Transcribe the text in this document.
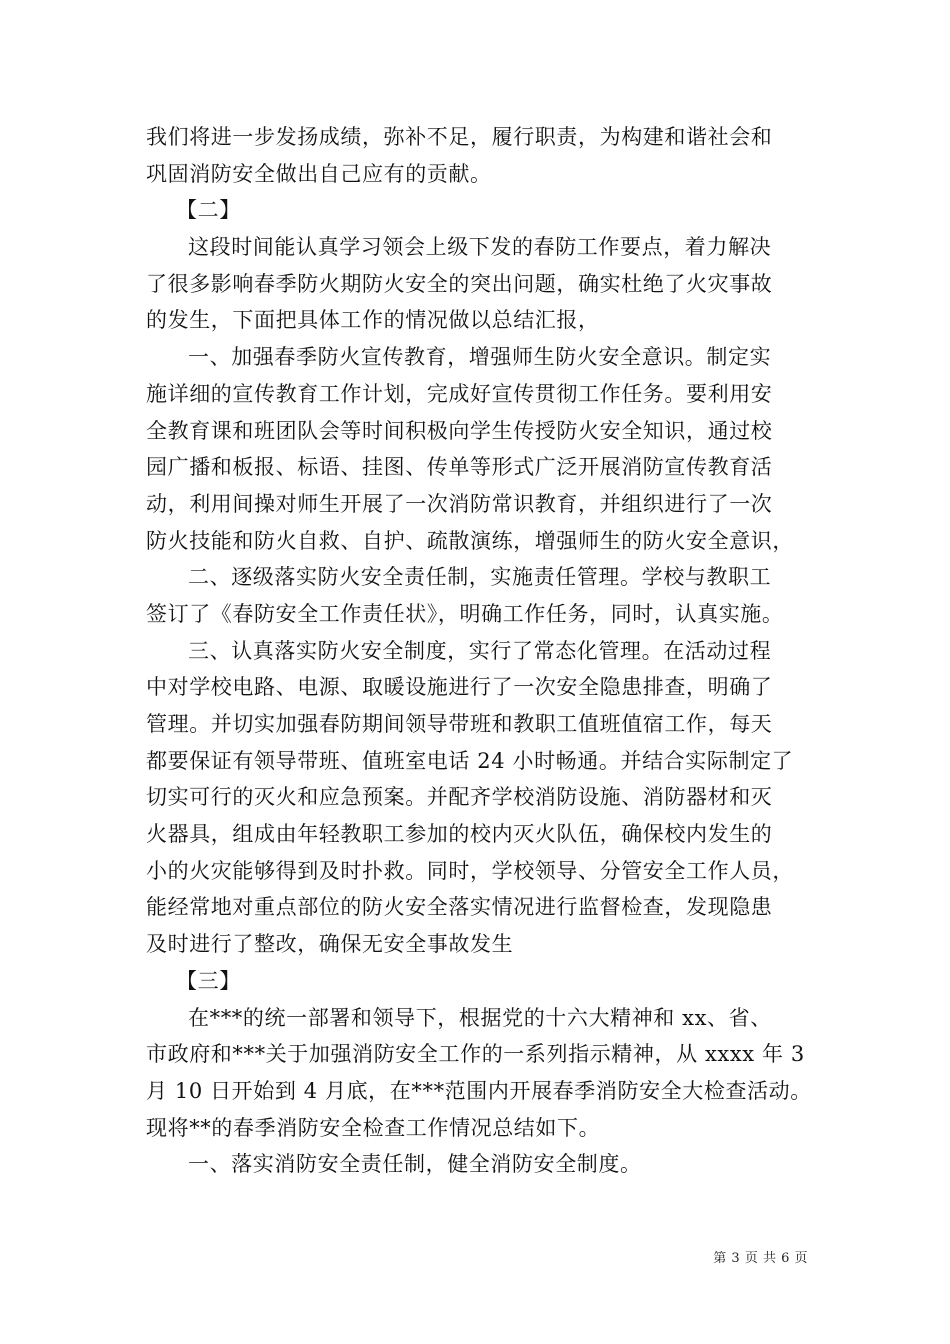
我们将进一步发扬成绩，弥补不足，履行职责，为构建和谐社会和
巩固消防安全做出自己应有的贡献。
【二】
这段时间能认真学习领会上级下发的春防工作要点，着力解决
了很多影响春季防火期防火安全的突出问题，确实杜绝了火灾事故
的发生，下面把具体工作的情况做以总结汇报，
一、加强春季防火宣传教育，增强师生防火安全意识。制定实
施详细的宣传教育工作计划，完成好宣传贯彻工作任务。要利用安
全教育课和班团队会等时间积极向学生传授防火安全知识，通过校
园广播和板报、标语、挂图、传单等形式广泛开展消防宣传教育活
动，利用间操对师生开展了一次消防常识教育，并组织进行了一次
防火技能和防火自救、自护、疏散演练，增强师生的防火安全意识，
二、逐级落实防火安全责任制，实施责任管理。学校与教职工
签订了《春防安全工作责任状》，明确工作任务，同时，认真实施。
三、认真落实防火安全制度，实行了常态化管理。在活动过程
中对学校电路、电源、取暖设施进行了一次安全隐患排查，明确了
管理。并切实加强春防期间领导带班和教职工值班值宿工作，每天
都要保证有领导带班、值班室电话 24 小时畅通。并结合实际制定了
切实可行的灭火和应急预案。并配齐学校消防设施、消防器材和灭
火器具，组成由年轻教职工参加的校内灭火队伍，确保校内发生的
小的火灾能够得到及时扑救。同时，学校领导、分管安全工作人员，
能经常地对重点部位的防火安全落实情况进行监督检查，发现隐患
及时进行了整改，确保无安全事故发生
【三】
在***的统一部署和领导下，根据党的十六大精神和 xx、省、
市政府和***关于加强消防安全工作的一系列指示精神，从 xxxx 年 3
月 10 日开始到 4 月底，在***范围内开展春季消防安全大检查活动。
现将**的春季消防安全检查工作情况总结如下。
一、落实消防安全责任制，健全消防安全制度。
第 3 页 共 6 页
